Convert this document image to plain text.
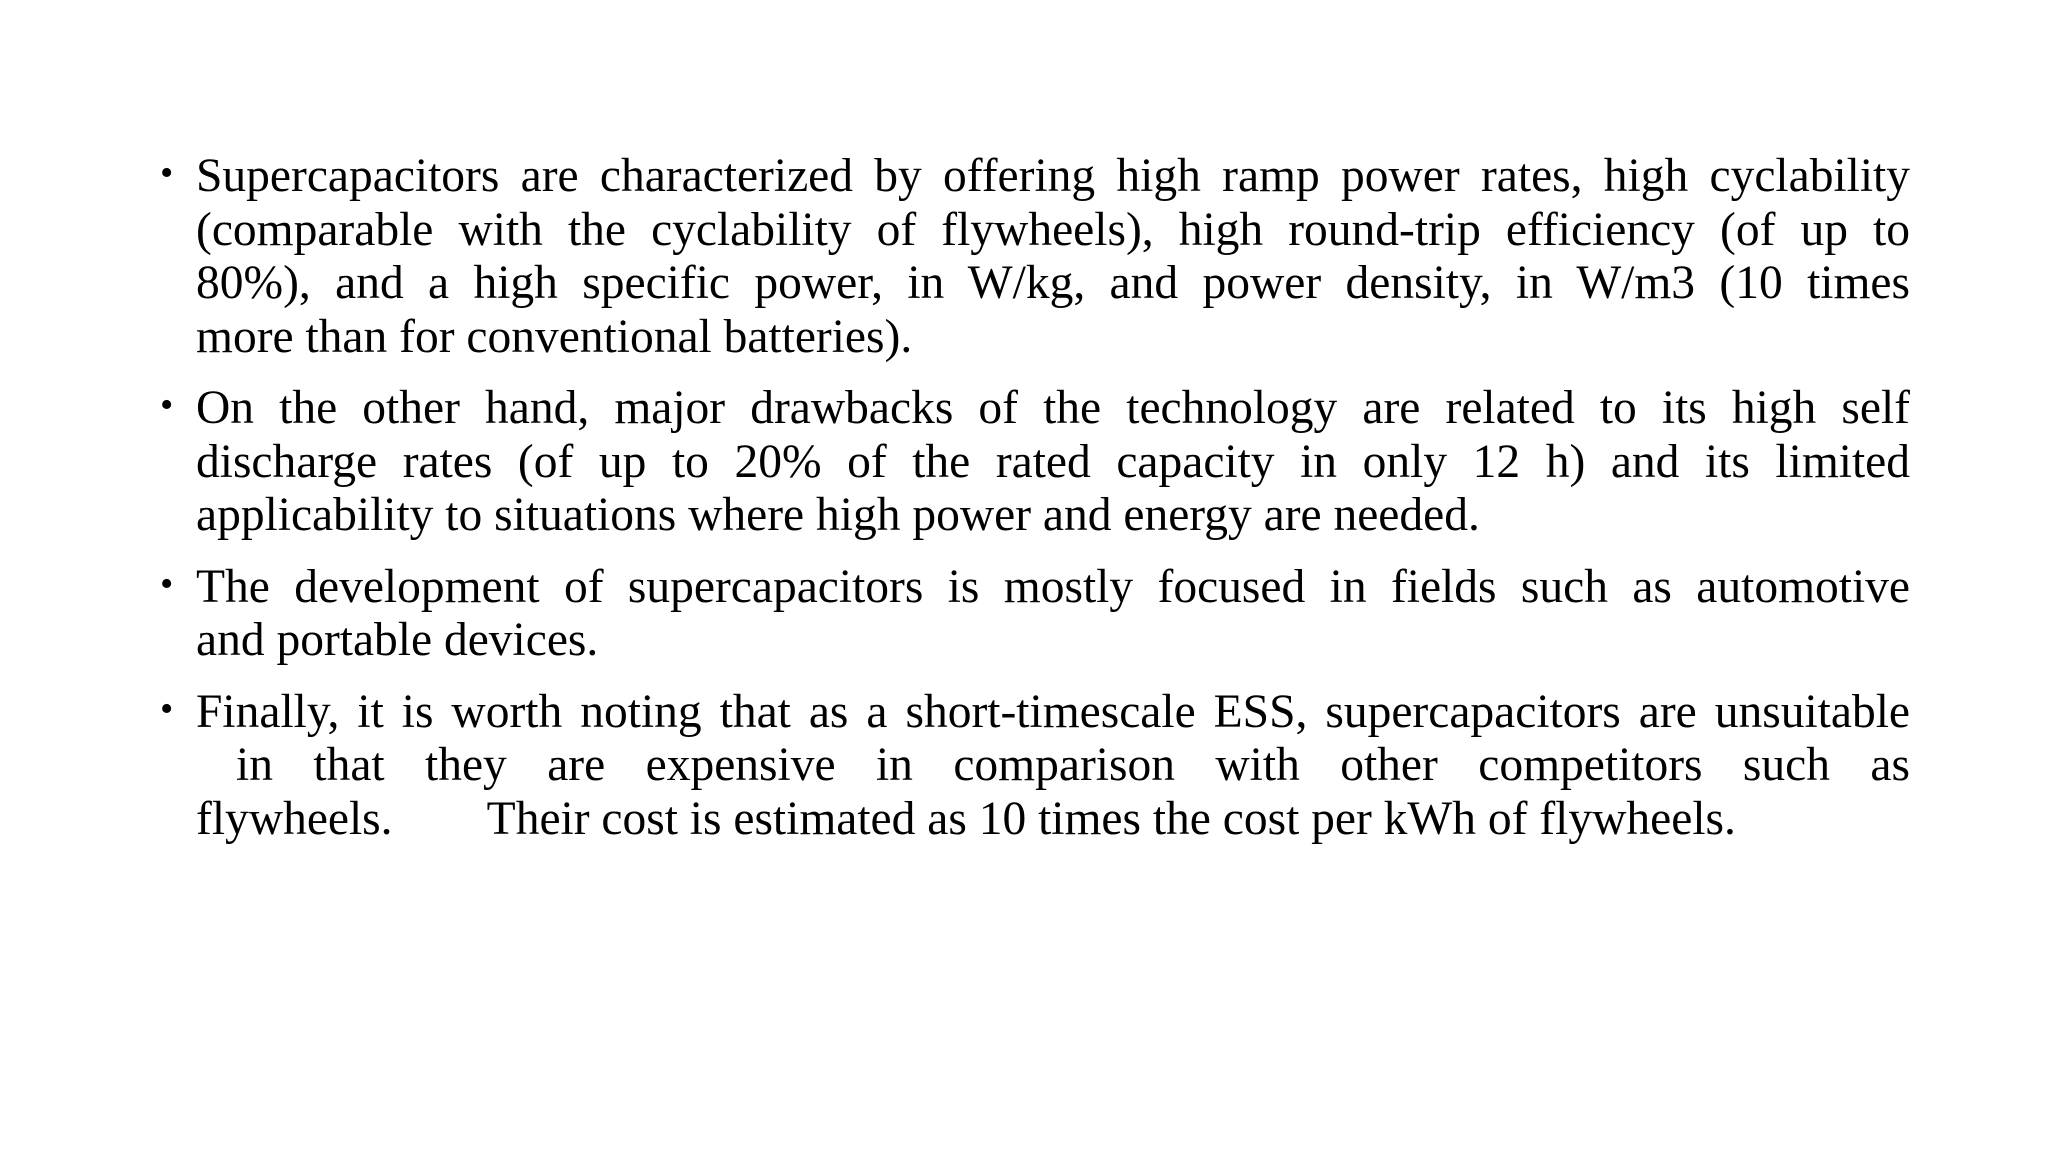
• Supercapacitors are characterized by offering high ramp power rates, high cyclability
(comparable with the cyclability of flywheels), high round-trip efficiency (of up to
80%), and a high specific power, in W/kg, and power density, in W/m3 (10 times
more than for conventional batteries).
• On the other hand, major drawbacks of the technology are related to its high self
discharge rates (of up to 20% of the rated capacity in only 12 h) and its limited
applicability to situations where high power and energy are needed.
• The development of supercapacitors is mostly focused in fields such as automotive
and portable devices.
• Finally, it is worth noting that as a short-timescale ESS, supercapacitors are unsuitable
in that they are expensive in comparison with other competitors such as
flywheels.        Their cost is estimated as 10 times the cost per kWh of flywheels.
